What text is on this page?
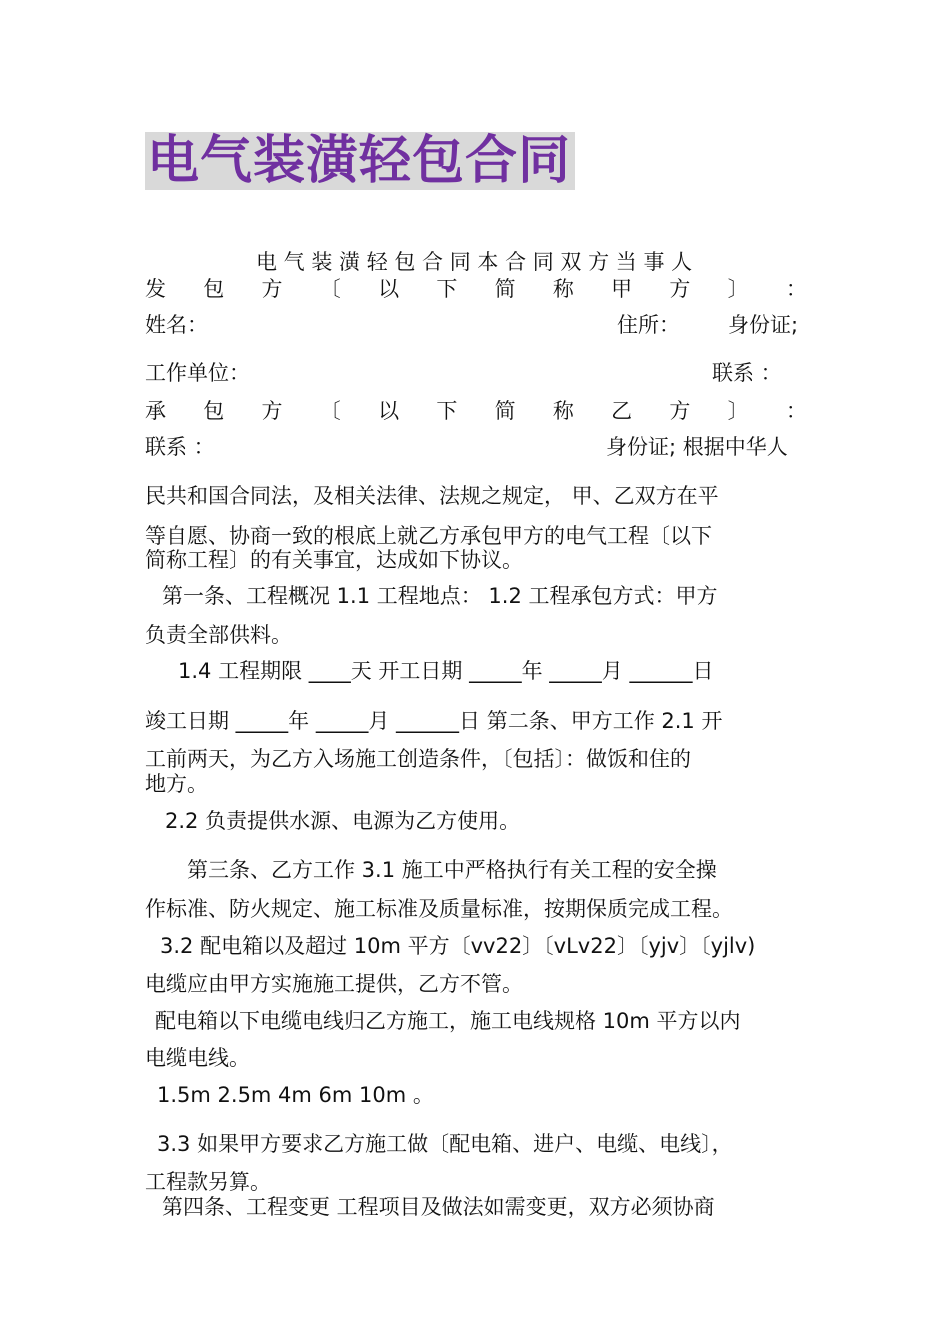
电气装潢轻包合同
电 气 装 潢 轻 包 合 同 本 合 同 双 方 当 事 人
发 包 方 〔 以 下 简 称 甲 方 〕 ：
姓名：	住所： 身份证;
工作单位：	联系 ：
承 包 方 〔 以 下 简 称 乙 方 〕 ：
联系 ：	身份证; 根据中华人
民共和国合同法，及相关法律、法规之规定， 甲、乙双方在平
等自愿、协商一致的根底上就乙方承包甲方的电气工程〔以下
简称工程〕的有关事宜，达成如下协议。
第一条、工程概况 1.1 工程地点： 1.2 工程承包方式：甲方
负责全部供料。
1.4 工程期限 ____天 开工日期 _____年 _____月 ______日
竣工日期 _____年 _____月 ______日 第二条、甲方工作 2.1 开
工前两天，为乙方入场施工创造条件，〔包括〕：做饭和住的
地方。
2.2 负责提供水源、电源为乙方使用。
第三条、乙方工作 3.1 施工中严格执行有关工程的安全操
作标准、防火规定、施工标准及质量标准，按期保质完成工程。
3.2 配电箱以及超过 10m 平方〔vv22〕〔vLv22〕〔yjv〕〔yjlv)
电缆应由甲方实施施工提供，乙方不管。
配电箱以下电缆电线归乙方施工，施工电线规格 10m 平方以内
电缆电线。
1.5m 2.5m 4m 6m 10m 。
3.3 如果甲方要求乙方施工做〔配电箱、进户、电缆、电线〕，
工程款另算。
第四条、工程变更 工程项目及做法如需变更，双方必须协商
